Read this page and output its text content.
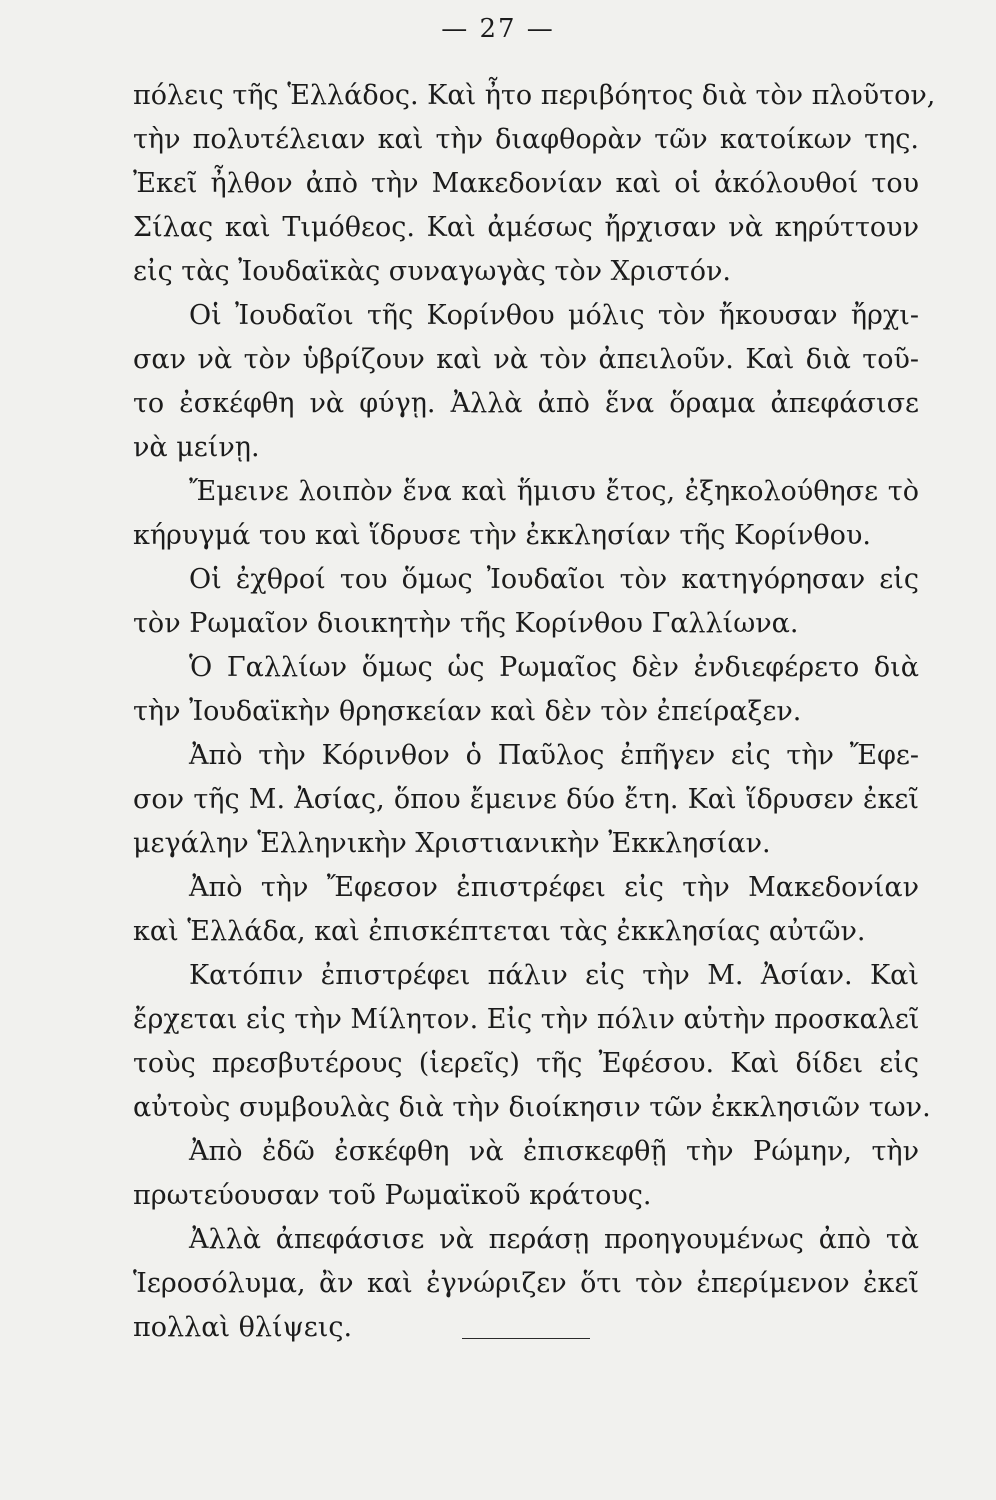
— 27 —
πόλεις τῆς Ἑλλάδος. Καὶ ἦτο περιβόητος διὰ τὸν πλοῦτον,
τὴν πολυτέλειαν καὶ τὴν διαφθορὰν τῶν κατοίκων της.
Ἐκεῖ ἦλθον ἀπὸ τὴν Μακεδονίαν καὶ οἱ ἀκόλουθοί του
Σίλας καὶ Τιμόθεος. Καὶ ἀμέσως ἤρχισαν νὰ κηρύττουν
εἰς τὰς Ἰουδαϊκὰς συναγωγὰς τὸν Χριστόν.
Οἱ Ἰουδαῖοι τῆς Κορίνθου μόλις τὸν ἤκουσαν ἤρχι-
σαν νὰ τὸν ὑβρίζουν καὶ νὰ τὸν ἀπειλοῦν. Καὶ διὰ τοῦ-
το ἐσκέφθη νὰ φύγῃ. Ἀλλὰ ἀπὸ ἕνα ὅραμα ἀπεφάσισε
νὰ μείνῃ.
Ἔμεινε λοιπὸν ἕνα καὶ ἥμισυ ἔτος, ἐξηκολούθησε τὸ
κήρυγμά του καὶ ἵδρυσε τὴν ἐκκλησίαν τῆς Κορίνθου.
Οἱ ἐχθροί του ὅμως Ἰουδαῖοι τὸν κατηγόρησαν εἰς
τὸν Ρωμαῖον διοικητὴν τῆς Κορίνθου Γαλλίωνα.
Ὁ Γαλλίων ὅμως ὡς Ρωμαῖος δὲν ἐνδιεφέρετο διὰ
τὴν Ἰουδαϊκὴν θρησκείαν καὶ δὲν τὸν ἐπείραξεν.
Ἀπὸ τὴν Κόρινθον ὁ Παῦλος ἐπῆγεν εἰς τὴν Ἔφε-
σον τῆς Μ. Ἀσίας, ὅπου ἔμεινε δύο ἔτη. Καὶ ἵδρυσεν ἐκεῖ
μεγάλην Ἑλληνικὴν Χριστιανικὴν Ἐκκλησίαν.
Ἀπὸ τὴν Ἔφεσον ἐπιστρέφει εἰς τὴν Μακεδονίαν
καὶ Ἑλλάδα, καὶ ἐπισκέπτεται τὰς ἐκκλησίας αὐτῶν.
Κατόπιν ἐπιστρέφει πάλιν εἰς τὴν Μ. Ἀσίαν. Καὶ
ἔρχεται εἰς τὴν Μίλητον. Εἰς τὴν πόλιν αὐτὴν προσκαλεῖ
τοὺς πρεσβυτέρους (ἱερεῖς) τῆς Ἐφέσου. Καὶ δίδει εἰς
αὐτοὺς συμβουλὰς διὰ τὴν διοίκησιν τῶν ἐκκλησιῶν των.
Ἀπὸ ἐδῶ ἐσκέφθη νὰ ἐπισκεφθῇ τὴν Ρώμην, τὴν
πρωτεύουσαν τοῦ Ρωμαϊκοῦ κράτους.
Ἀλλὰ ἀπεφάσισε νὰ περάσῃ προηγουμένως ἀπὸ τὰ
Ἱεροσόλυμα, ἂν καὶ ἐγνώριζεν ὅτι τὸν ἐπερίμενον ἐκεῖ
πολλαὶ θλίψεις.
